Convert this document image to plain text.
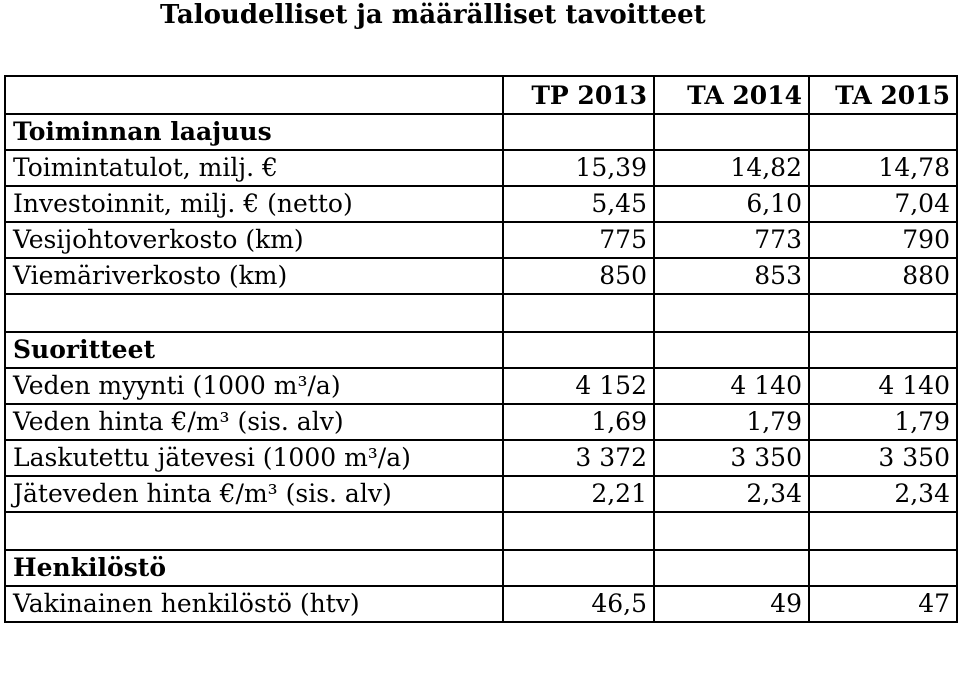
Taloudelliset ja määrälliset tavoitteet
	TP 2013	TA 2014	TA 2015
Toiminnan laajuus			
Toimintatulot, milj. €	15,39	14,82	14,78
Investoinnit, milj. € (netto)	5,45	6,10	7,04
Vesijohtoverkosto (km)	775	773	790
Viemäriverkosto (km)	850	853	880

Suoritteet			
Veden myynti (1000 m³/a)	4 152	4 140	4 140
Veden hinta €/m³ (sis. alv)	1,69	1,79	1,79
Laskutettu jätevesi (1000 m³/a)	3 372	3 350	3 350
Jäteveden hinta €/m³ (sis. alv)	2,21	2,34	2,34

Henkilöstö			
Vakinainen henkilöstö (htv)	46,5	49	47
